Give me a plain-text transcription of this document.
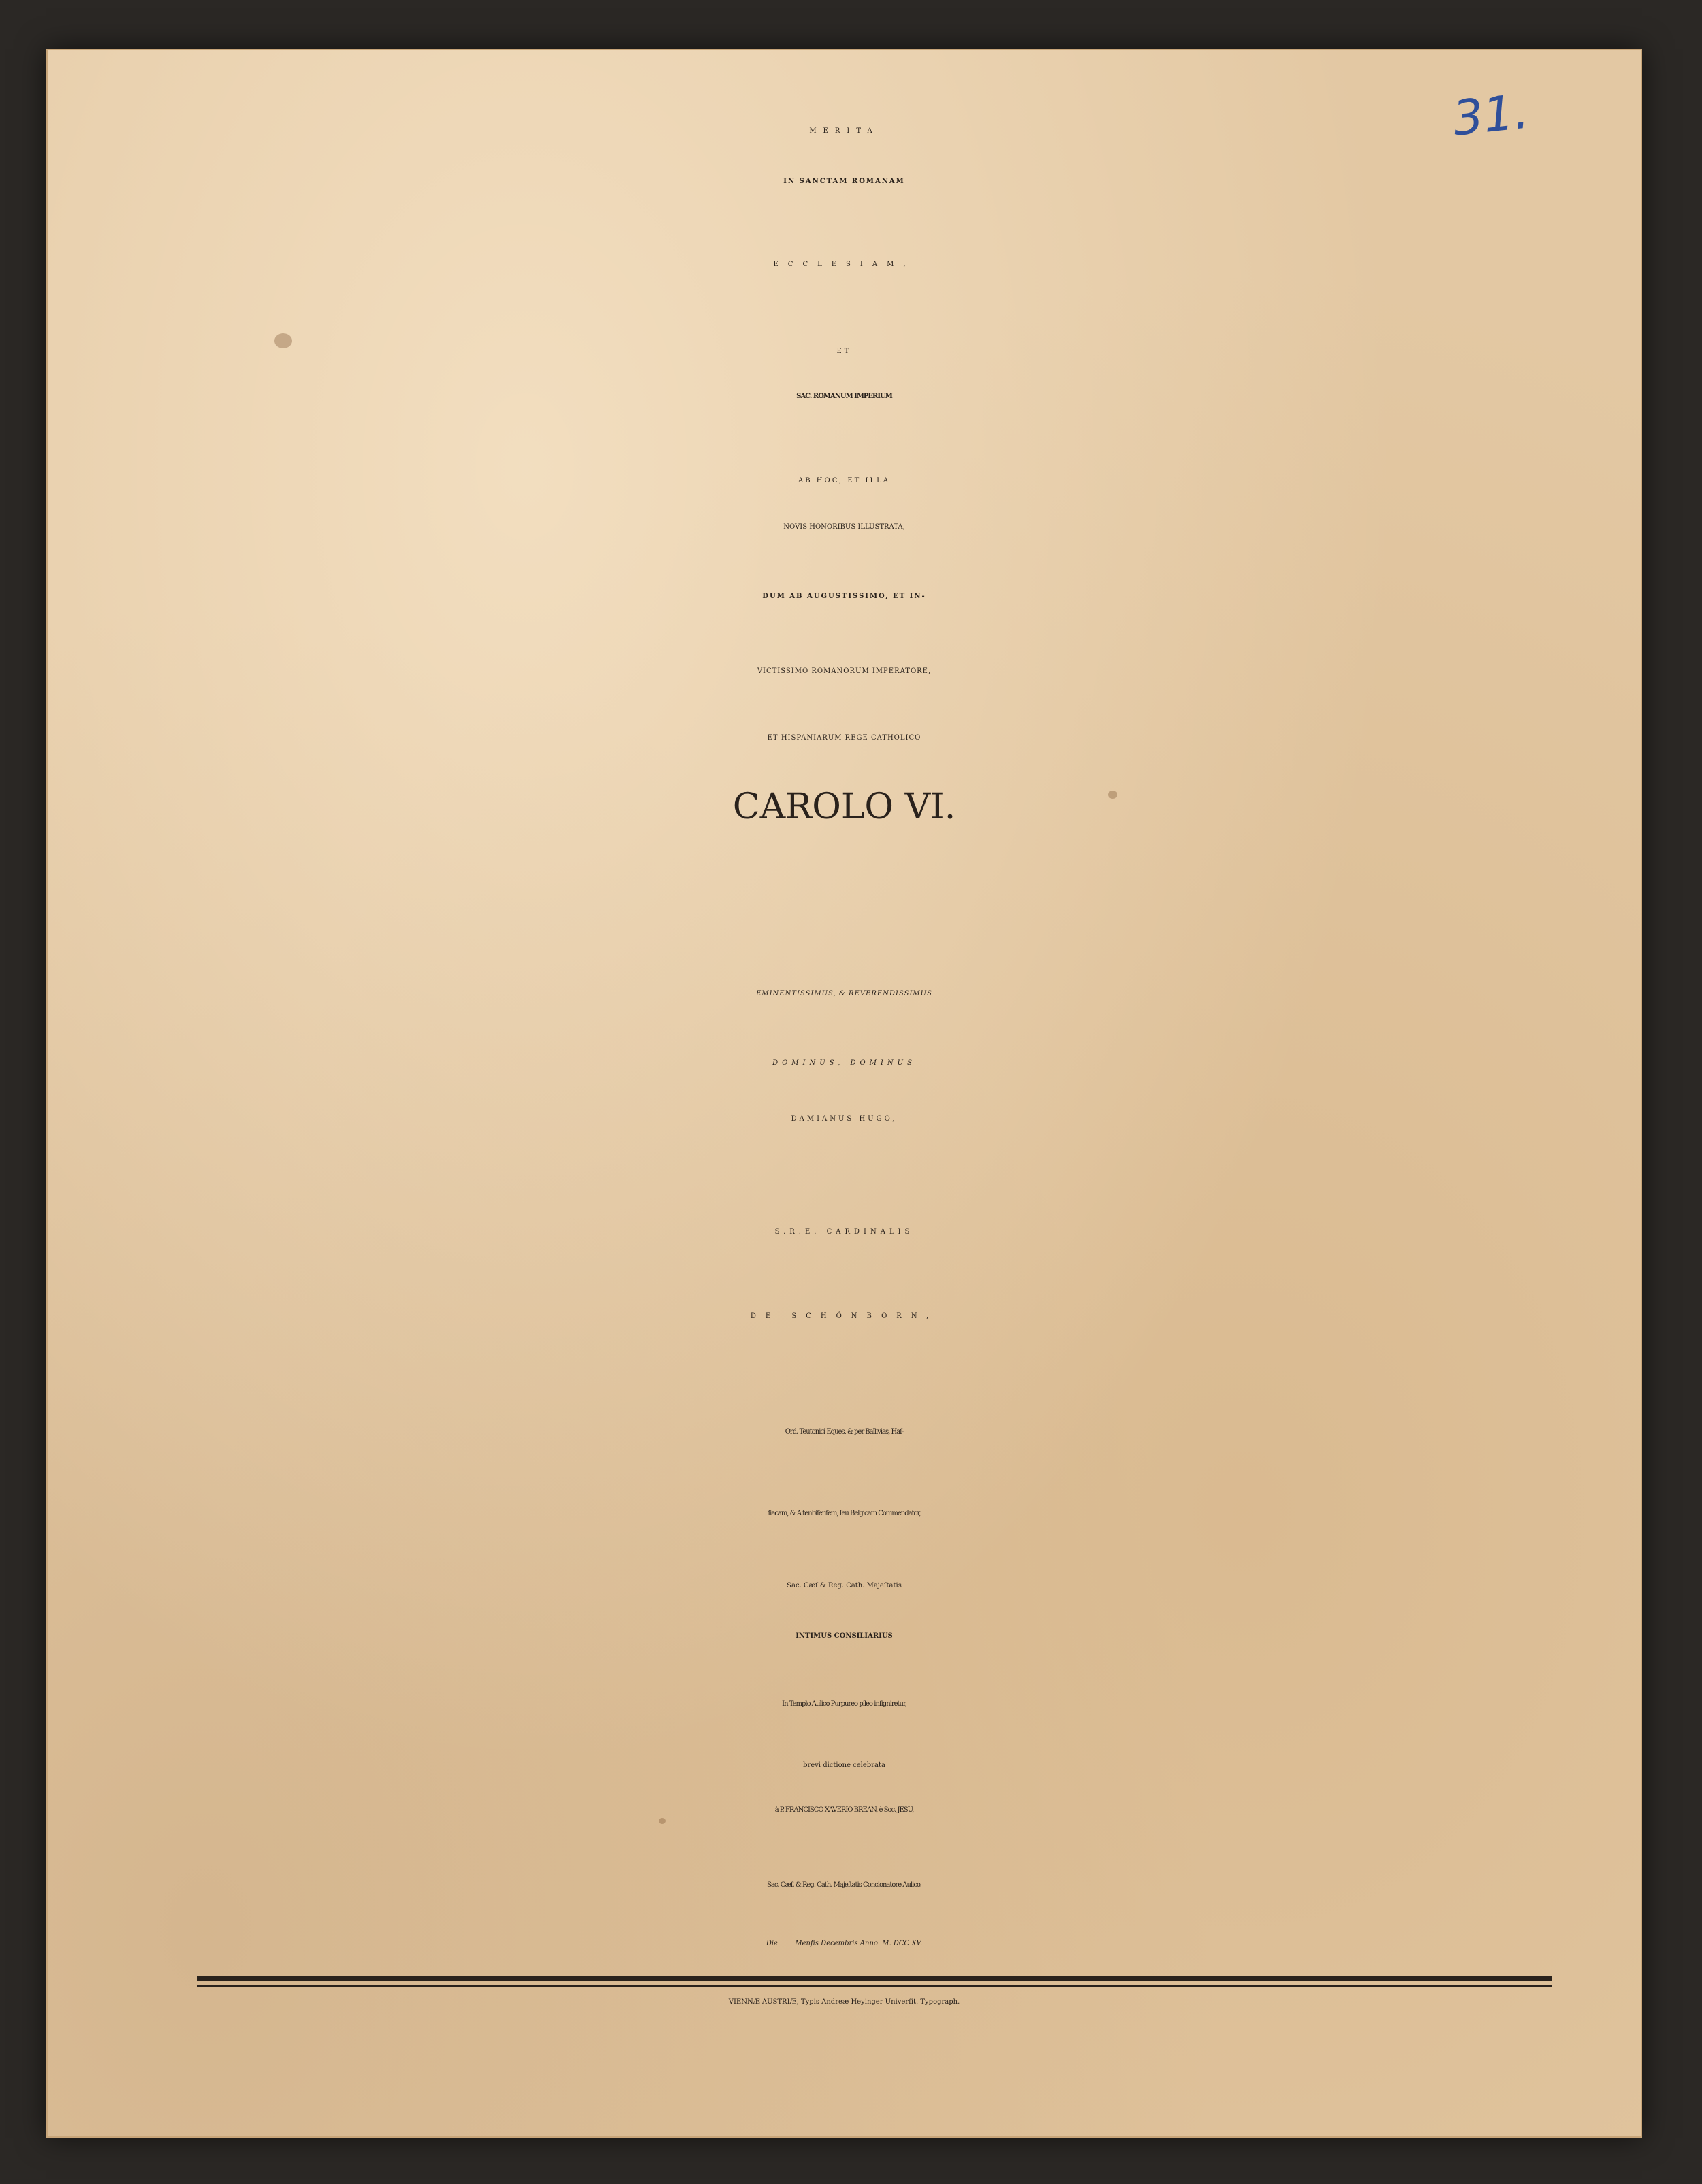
31.
MERITA
IN SANCTAM ROMANAM
ECCLESIAM,
ET
SAC. ROMANUM IMPERIUM
AB HOC, ET ILLA
NOVIS HONORIBUS ILLUSTRATA,
DUM AB AUGUSTISSIMO, ET IN-
VICTISSIMO ROMANORUM IMPERATORE,
ET HISPANIARUM REGE CATHOLICO
CAROLO VI.
EMINENTISSIMUS, & REVERENDISSIMUS
DOMINUS, DOMINUS
DAMIANUS HUGO,
S.R.E. CARDINALIS
DE SCHÖNBORN,
Ord. Teutonici Eques, & per Ballivias, Haſ-
ſiacam, & Altenbiſenſem, ſeu Belgicam Commendator,
Sac. Cæſ & Reg. Cath. Majeſtatis
INTIMUS CONSILIARIUS
In Templo Aulico Purpureo pileo inſigniretur,
brevi dictione celebrata
à P. FRANCISCO XAVERIO BREAN, è Soc. JESU,
Sac. Cæſ. & Reg. Cath. Majeſtatis Concionatore Aulico.
Die        Menſis Decembris Anno  M. DCC XV.
VIENNÆ AUSTRIÆ, Typis Andreæ Heyinger Univerſit. Typograph.
